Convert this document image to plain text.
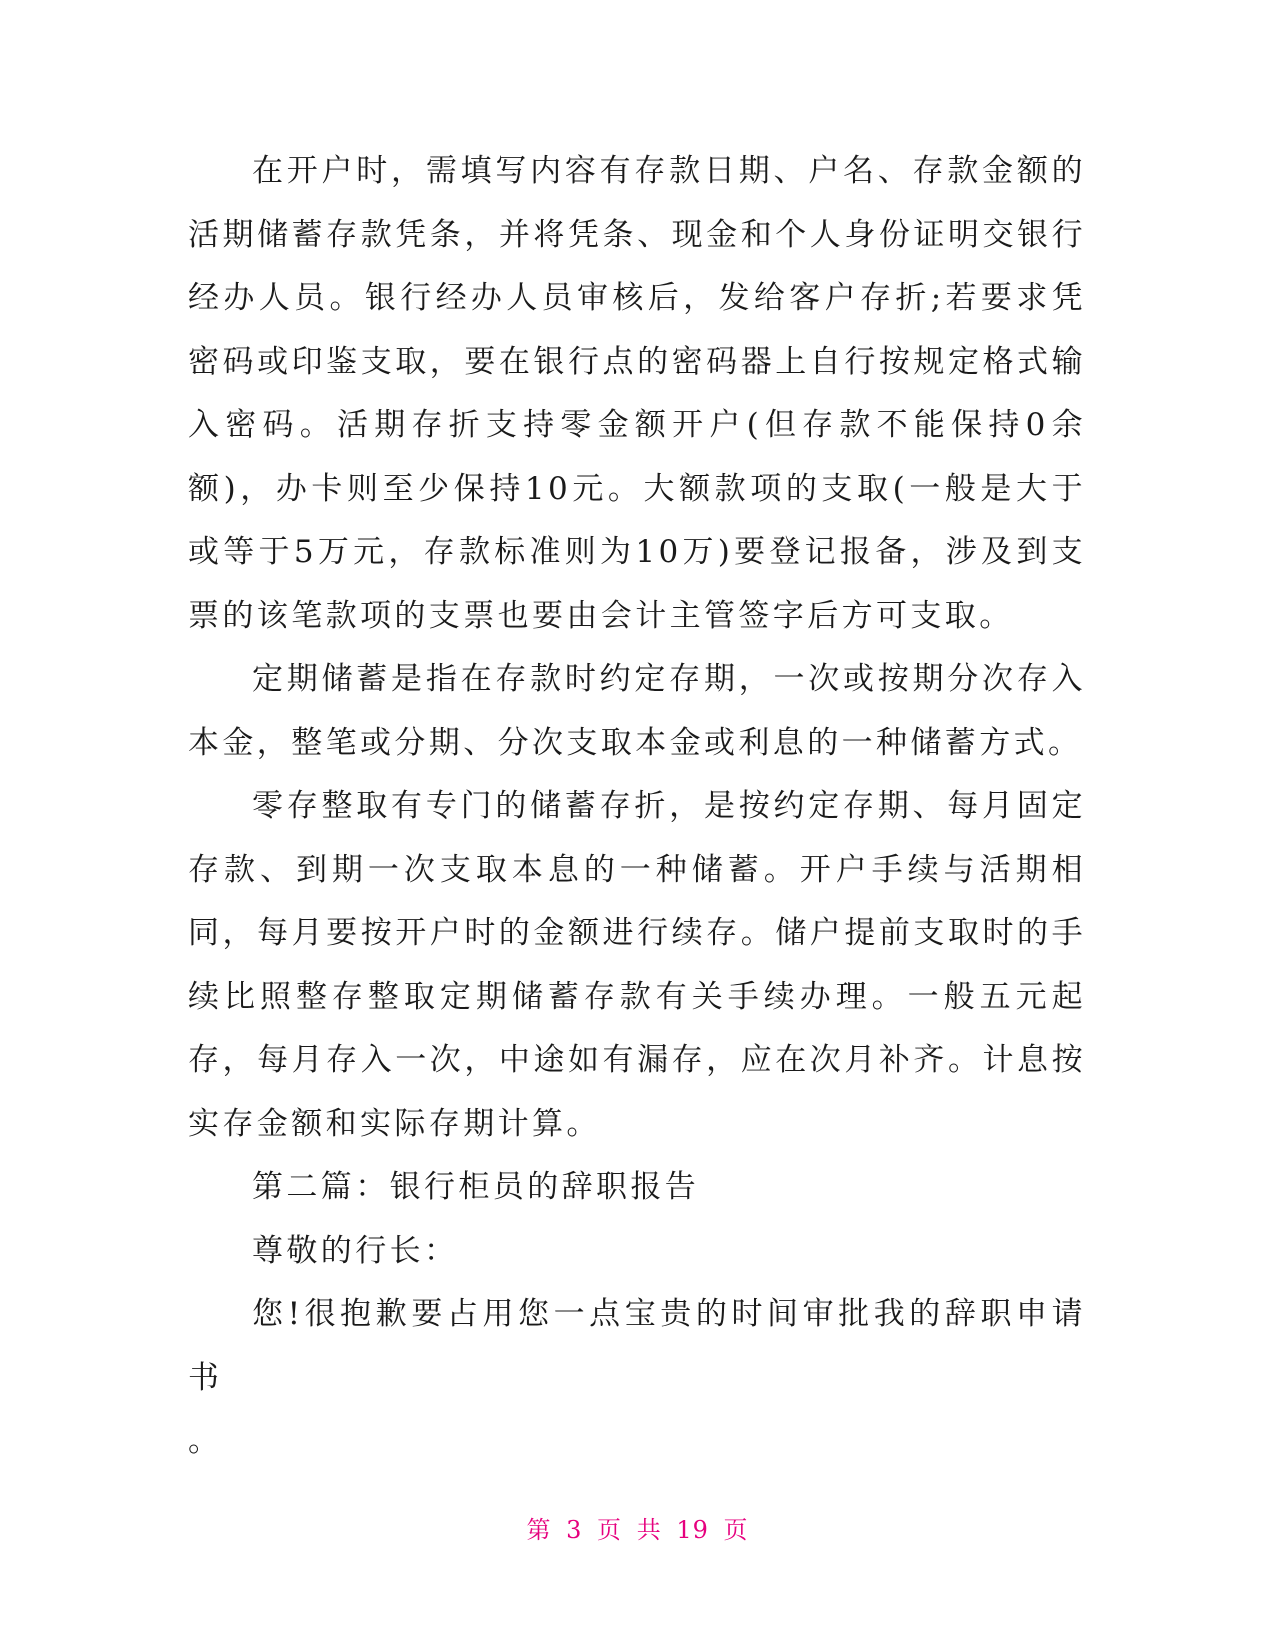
在开户时，需填写内容有存款日期、户名、存款金额的活期储蓄存款凭条，并将凭条、现金和个人身份证明交银行经办人员。银行经办人员审核后，发给客户存折;若要求凭密码或印鉴支取，要在银行点的密码器上自行按规定格式输入密码。活期存折支持零金额开户(但存款不能保持0余额)，办卡则至少保持10元。大额款项的支取(一般是大于或等于5万元，存款标准则为10万)要登记报备，涉及到支票的该笔款项的支票也要由会计主管签字后方可支取。

定期储蓄是指在存款时约定存期，一次或按期分次存入本金，整笔或分期、分次支取本金或利息的一种储蓄方式。

零存整取有专门的储蓄存折，是按约定存期、每月固定存款、到期一次支取本息的一种储蓄。开户手续与活期相同，每月要按开户时的金额进行续存。储户提前支取时的手续比照整存整取定期储蓄存款有关手续办理。一般五元起存，每月存入一次，中途如有漏存，应在次月补齐。计息按实存金额和实际存期计算。

第二篇：银行柜员的辞职报告

尊敬的行长：

您!很抱歉要占用您一点宝贵的时间审批我的辞职申请书

。

第 3 页 共 19 页
